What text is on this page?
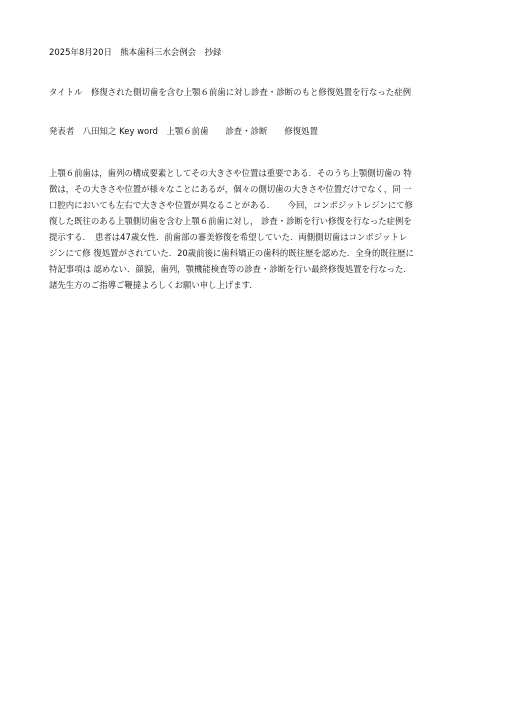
2025年8月20日　熊本歯科三水会例会　抄録
タイトル　修復された側切歯を含む上顎６前歯に対し診査・診断のもと修復処置を行なった症例
発表者　八田知之 Key word　上顎６前歯　　診査・診断　　修復処置
上顎６前歯は，歯列の構成要素としてその大きさや位置は重要である．そのうち上顎側切歯の 特
徴は，その大きさや位置が様々なことにあるが，個々の側切歯の大きさや位置だけでなく，同 一
口腔内においても左右で大きさや位置が異なることがある．　　今回，コンポジットレジンにて修
復した既往のある上顎側切歯を含む上顎６前歯に対し， 診査・診断を行い修復を行なった症例を
提示する．　患者は47歳女性．前歯部の審美修復を希望していた．両側側切歯はコンポジットレ
ジンにて修 復処置がされていた．20歳前後に歯科矯正の歯科的既往歴を認めた．全身的既往歴に
特記事項は 認めない．顔貌，歯列，顎機能検査等の診査・診断を行い最終修復処置を行なった．
諸先生方のご指導ご鞭撻よろしくお願い申し上げます．
